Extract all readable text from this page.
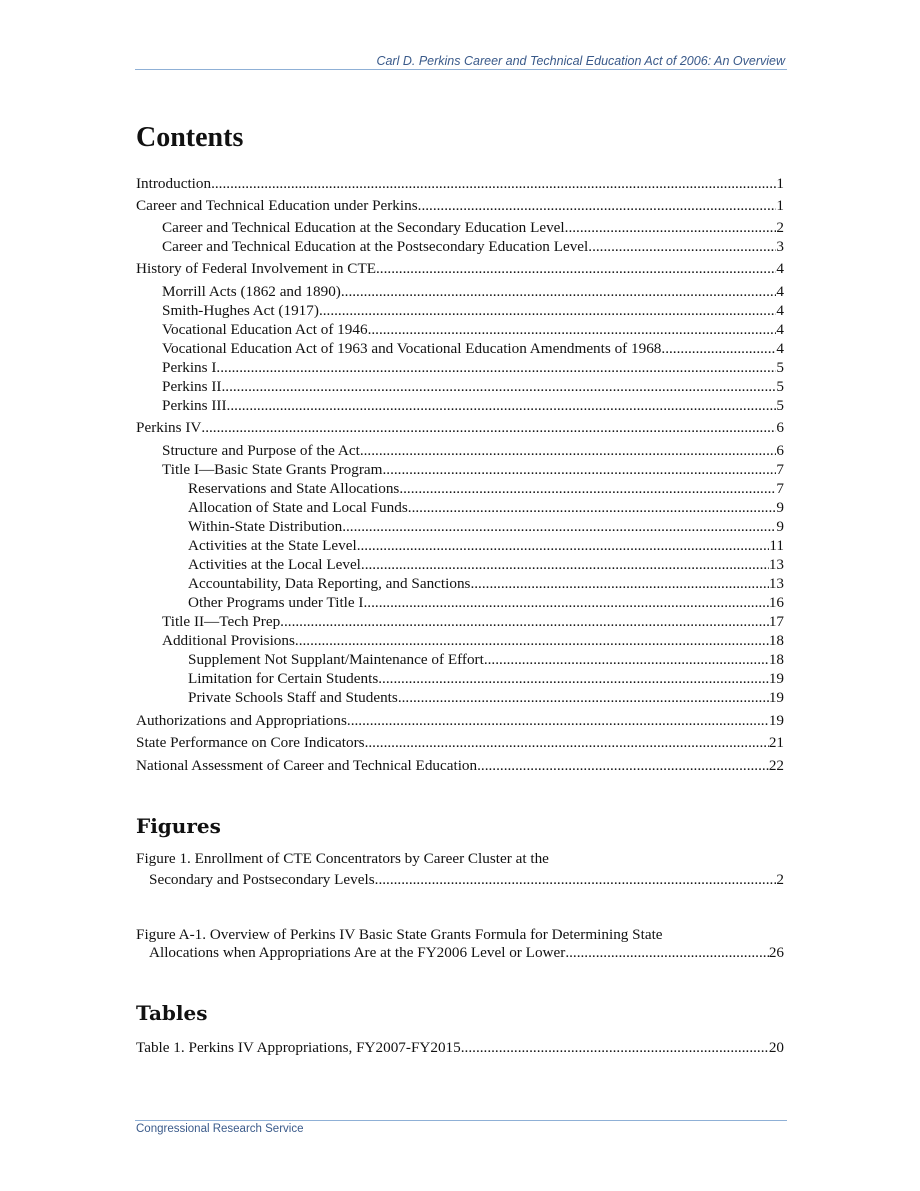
Carl D. Perkins Career and Technical Education Act of 2006: An Overview
Contents
Introduction .....	1
Career and Technical Education under Perkins .....	1
Career and Technical Education at the Secondary Education Level .....	2
Career and Technical Education at the Postsecondary Education Level .....	3
History of Federal Involvement in CTE .....	4
Morrill Acts (1862 and 1890) .....	4
Smith-Hughes Act (1917) .....	4
Vocational Education Act of 1946 .....	4
Vocational Education Act of 1963 and Vocational Education Amendments of 1968 .....	4
Perkins I .....	5
Perkins II .....	5
Perkins III .....	5
Perkins IV .....	6
Structure and Purpose of the Act .....	6
Title I—Basic State Grants Program .....	7
Reservations and State Allocations .....	7
Allocation of State and Local Funds .....	9
Within-State Distribution .....	9
Activities at the State Level .....	11
Activities at the Local Level .....	13
Accountability, Data Reporting, and Sanctions .....	13
Other Programs under Title I .....	16
Title II—Tech Prep .....	17
Additional Provisions .....	18
Supplement Not Supplant/Maintenance of Effort .....	18
Limitation for Certain Students .....	19
Private Schools Staff and Students .....	19
Authorizations and Appropriations .....	19
State Performance on Core Indicators .....	21
National Assessment of Career and Technical Education .....	22
Figures
Figure 1. Enrollment of CTE Concentrators by Career Cluster at the
Secondary and Postsecondary Levels .....	2
Figure A-1. Overview of Perkins IV Basic State Grants Formula for Determining State
Allocations when Appropriations Are at the FY2006 Level or Lower .....	26
Tables
Table 1. Perkins IV Appropriations, FY2007-FY2015 .....	20
Congressional Research Service
